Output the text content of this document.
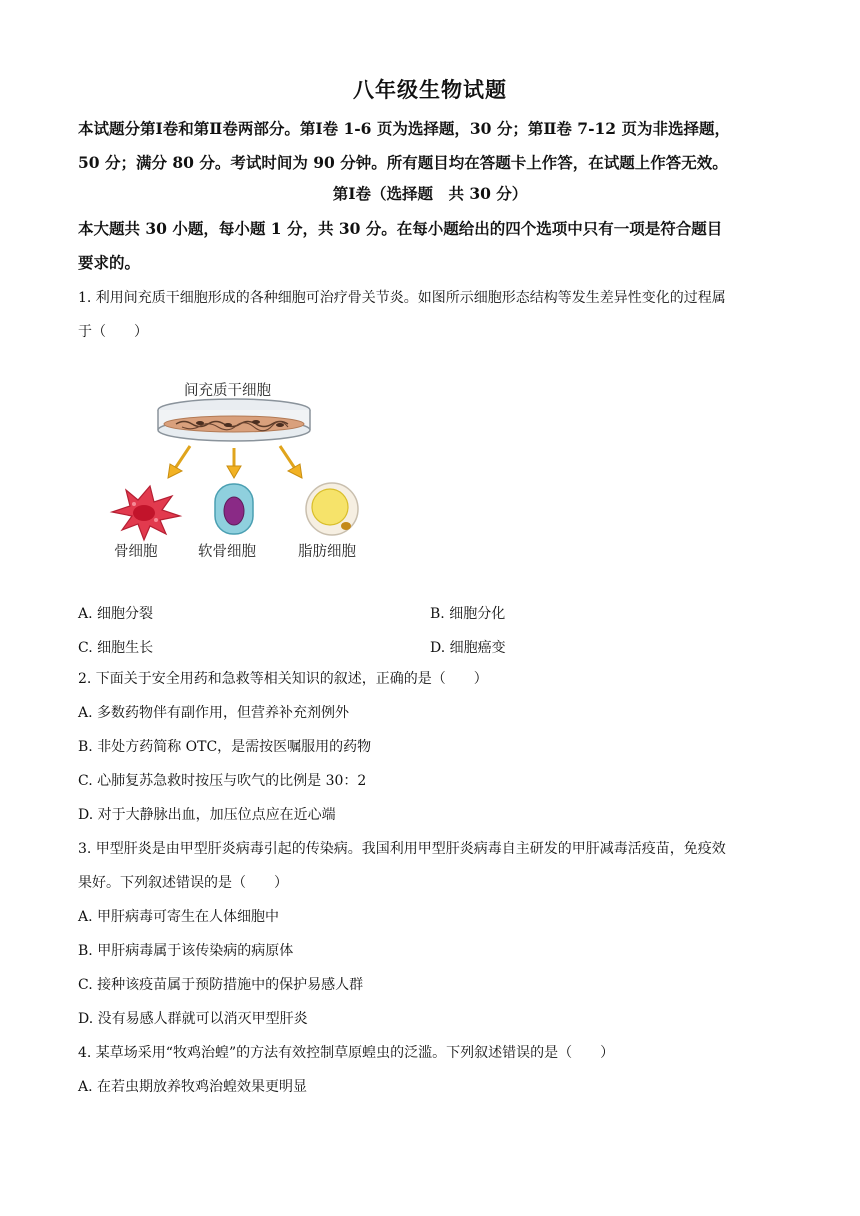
八年级生物试题

本试题分第Ⅰ卷和第Ⅱ卷两部分。第Ⅰ卷 1-6 页为选择题，30 分；第Ⅱ卷 7-12 页为非选择题，

50 分；满分 80 分。考试时间为 90 分钟。所有题目均在答题卡上作答，在试题上作答无效。

第Ⅰ卷（选择题　共 30 分）

本大题共 30 小题，每小题 1 分，共 30 分。在每小题给出的四个选项中只有一项是符合题目

要求的。

1. 利用间充质干细胞形成的各种细胞可治疗骨关节炎。如图所示细胞形态结构等发生差异性变化的过程属

于（　　）

间充质干细胞
骨细胞	软骨细胞	脂肪细胞
A. 细胞分裂	B. 细胞分化
C. 细胞生长	D. 细胞癌变

2. 下面关于安全用药和急救等相关知识的叙述，正确的是（　　）

A. 多数药物伴有副作用，但营养补充剂例外

B. 非处方药简称 OTC，是需按医嘱服用的药物

C. 心肺复苏急救时按压与吹气的比例是 30：2

D. 对于大静脉出血，加压位点应在近心端

3. 甲型肝炎是由甲型肝炎病毒引起的传染病。我国利用甲型肝炎病毒自主研发的甲肝减毒活疫苗，免疫效

果好。下列叙述错误的是（　　）

A. 甲肝病毒可寄生在人体细胞中

B. 甲肝病毒属于该传染病的病原体

C. 接种该疫苗属于预防措施中的保护易感人群

D. 没有易感人群就可以消灭甲型肝炎

4. 某草场采用“牧鸡治蝗”的方法有效控制草原蝗虫的泛滥。下列叙述错误的是（　　）

A. 在若虫期放养牧鸡治蝗效果更明显
